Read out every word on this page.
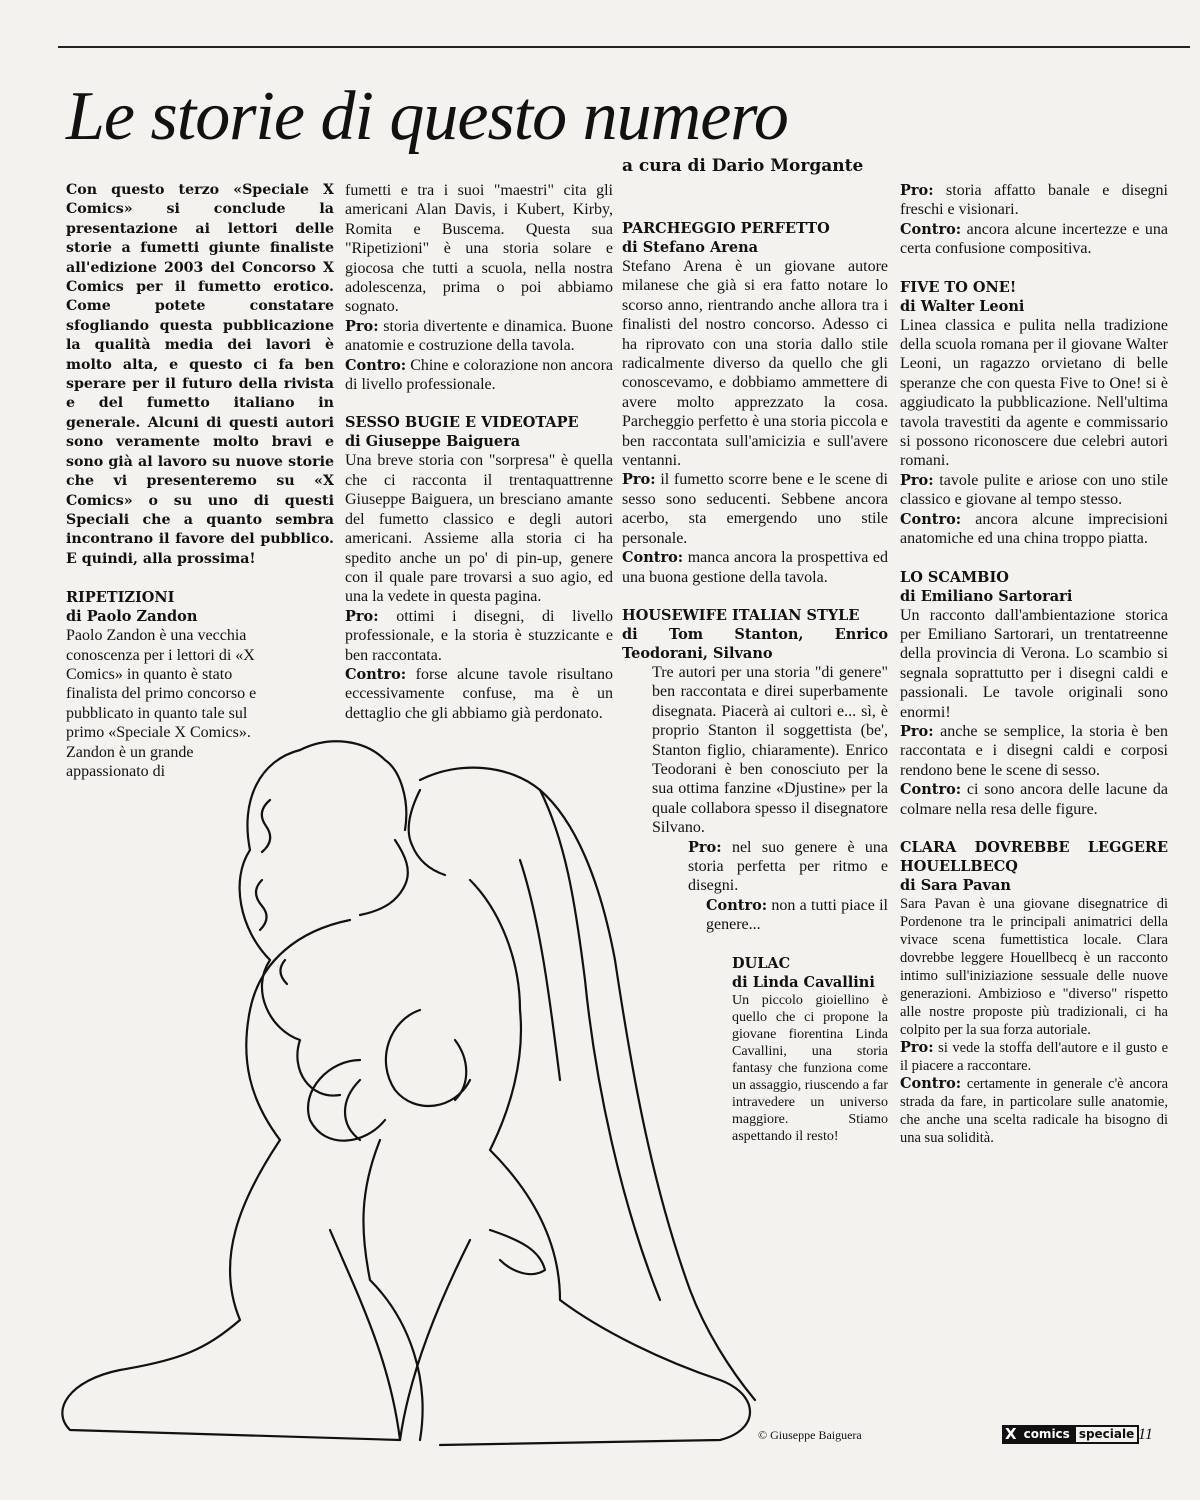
Le storie di questo numero
a cura di Dario Morgante

Con questo terzo «Speciale X Comics» si conclude la presentazione ai lettori delle storie a fumetti giunte finaliste all'edizione 2003 del Concorso X Comics per il fumetto erotico. Come potete constatare sfogliando questa pubblicazione la qualità media dei lavori è molto alta, e questo ci fa ben sperare per il futuro della rivista e del fumetto italiano in generale. Alcuni di questi autori sono veramente molto bravi e sono già al lavoro su nuove storie che vi presenteremo su «X Comics» o su uno di questi Speciali che a quanto sembra incontrano il favore del pubblico. E quindi, alla prossima!

RIPETIZIONI

di Paolo Zandon

Paolo Zandon è una vecchia conoscenza per i lettori di «X Comics» in quanto è stato finalista del primo concorso e pubblicato in quanto tale sul primo «Speciale X Comics». Zandon è un grande appassionato di

fumetti e tra i suoi "maestri" cita gli americani Alan Davis, i Kubert, Kirby, Romita e Buscema. Questa sua "Ripetizioni" è una storia solare e giocosa che tutti a scuola, nella nostra adolescenza, prima o poi abbiamo sognato.

Pro: storia divertente e dinamica. Buone anatomie e costruzione della tavola.

Contro: Chine e colorazione non ancora di livello professionale.

SESSO BUGIE E VIDEOTAPE

di Giuseppe Baiguera

Una breve storia con "sorpresa" è quella che ci racconta il trentaquattrenne Giuseppe Baiguera, un bresciano amante del fumetto classico e degli autori americani. Assieme alla storia ci ha spedito anche un po' di pin-up, genere con il quale pare trovarsi a suo agio, ed una la vedete in questa pagina.

Pro: ottimi i disegni, di livello professionale, e la storia è stuzzicante e ben raccontata.

Contro: forse alcune tavole risultano eccessivamente confuse, ma è un dettaglio che gli abbiamo già perdonato.

PARCHEGGIO PERFETTO

di Stefano Arena

Stefano Arena è un giovane autore milanese che già si era fatto notare lo scorso anno, rientrando anche allora tra i finalisti del nostro concorso. Adesso ci ha riprovato con una storia dallo stile radicalmente diverso da quello che gli conoscevamo, e dobbiamo ammettere di avere molto apprezzato la cosa. Parcheggio perfetto è una storia piccola e ben raccontata sull'amicizia e sull'avere ventanni.

Pro: il fumetto scorre bene e le scene di sesso sono seducenti. Sebbene ancora acerbo, sta emergendo uno stile personale.

Contro: manca ancora la prospettiva ed una buona gestione della tavola.

HOUSEWIFE ITALIAN STYLE

di Tom Stanton, Enrico Teodorani, Silvano

Tre autori per una storia "di genere" ben raccontata e direi superbamente disegnata. Piacerà ai cultori e... sì, è proprio Stanton il soggettista (be', Stanton figlio, chiaramente). Enrico Teodorani è ben conosciuto per la sua ottima fanzine «Djustine» per la quale collabora spesso il disegnatore Silvano.

Pro: nel suo genere è una storia perfetta per ritmo e disegni.

Contro: non a tutti piace il genere...

DULAC

di Linda Cavallini

Un piccolo gioiellino è quello che ci propone la giovane fiorentina Linda Cavallini, una storia fantasy che funziona come un assaggio, riuscendo a far intravedere un universo maggiore. Stiamo aspettando il resto!

Pro: storia affatto banale e disegni freschi e visionari.

Contro: ancora alcune incertezze e una certa confusione compositiva.

FIVE TO ONE!

di Walter Leoni

Linea classica e pulita nella tradizione della scuola romana per il giovane Walter Leoni, un ragazzo orvietano di belle speranze che con questa Five to One! si è aggiudicato la pubblicazione. Nell'ultima tavola travestiti da agente e commissario si possono riconoscere due celebri autori romani.

Pro: tavole pulite e ariose con uno stile classico e giovane al tempo stesso.

Contro: ancora alcune imprecisioni anatomiche ed una china troppo piatta.

LO SCAMBIO

di Emiliano Sartorari

Un racconto dall'ambientazione storica per Emiliano Sartorari, un trentatreenne della provincia di Verona. Lo scambio si segnala soprattutto per i disegni caldi e passionali. Le tavole originali sono enormi!

Pro: anche se semplice, la storia è ben raccontata e i disegni caldi e corposi rendono bene le scene di sesso.

Contro: ci sono ancora delle lacune da colmare nella resa delle figure.

CLARA DOVREBBE LEGGERE HOUELLBECQ

di Sara Pavan

Sara Pavan è una giovane disegnatrice di Pordenone tra le principali animatrici della vivace scena fumettistica locale. Clara dovrebbe leggere Houellbecq è un racconto intimo sull'iniziazione sessuale delle nuove generazioni. Ambizioso e "diverso" rispetto alle nostre proposte più tradizionali, ci ha colpito per la sua forza autoriale.

Pro: si vede la stoffa dell'autore e il gusto e il piacere a raccontare.

Contro: certamente in generale c'è ancora strada da fare, in particolare sulle anatomie, che anche una scelta radicale ha bisogno di una sua solidità.

© Giuseppe Baiguera	X comics speciale 11
